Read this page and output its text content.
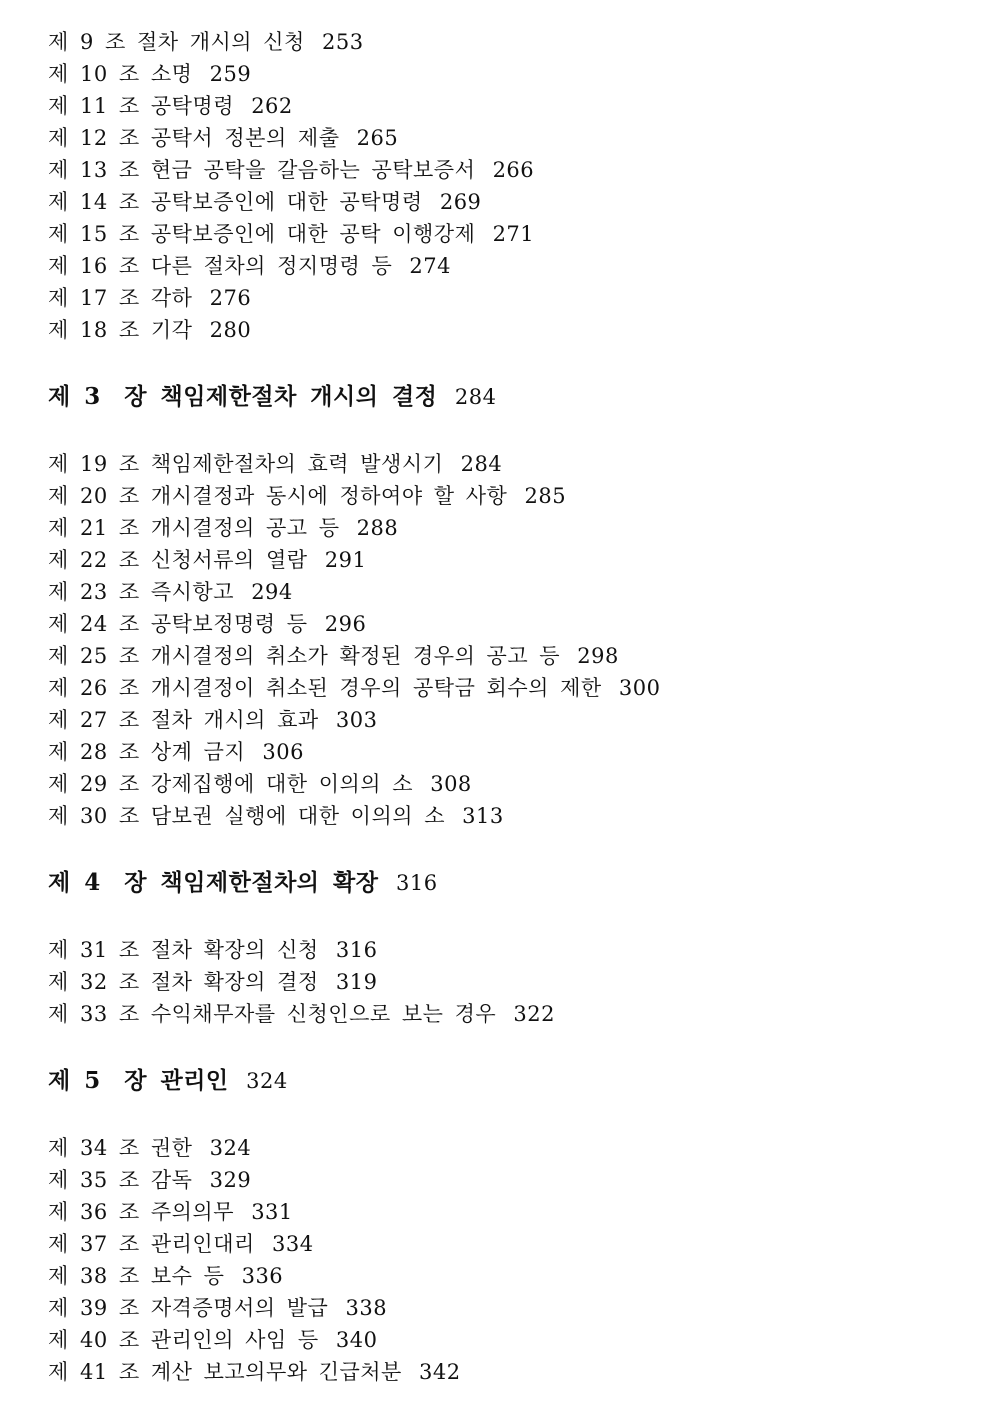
제 9 조 절차 개시의 신청 253
제 10 조 소명 259
제 11 조 공탁명령 262
제 12 조 공탁서 정본의 제출 265
제 13 조 현금 공탁을 갈음하는 공탁보증서 266
제 14 조 공탁보증인에 대한 공탁명령 269
제 15 조 공탁보증인에 대한 공탁 이행강제 271
제 16 조 다른 절차의 정지명령 등 274
제 17 조 각하 276
제 18 조 기각 280
제 3 장 책임제한절차 개시의 결정 284
제 19 조 책임제한절차의 효력 발생시기 284
제 20 조 개시결정과 동시에 정하여야 할 사항 285
제 21 조 개시결정의 공고 등 288
제 22 조 신청서류의 열람 291
제 23 조 즉시항고 294
제 24 조 공탁보정명령 등 296
제 25 조 개시결정의 취소가 확정된 경우의 공고 등 298
제 26 조 개시결정이 취소된 경우의 공탁금 회수의 제한 300
제 27 조 절차 개시의 효과 303
제 28 조 상계 금지 306
제 29 조 강제집행에 대한 이의의 소 308
제 30 조 담보권 실행에 대한 이의의 소 313
제 4 장 책임제한절차의 확장 316
제 31 조 절차 확장의 신청 316
제 32 조 절차 확장의 결정 319
제 33 조 수익채무자를 신청인으로 보는 경우 322
제 5 장 관리인 324
제 34 조 권한 324
제 35 조 감독 329
제 36 조 주의의무 331
제 37 조 관리인대리 334
제 38 조 보수 등 336
제 39 조 자격증명서의 발급 338
제 40 조 관리인의 사임 등 340
제 41 조 계산 보고의무와 긴급처분 342
